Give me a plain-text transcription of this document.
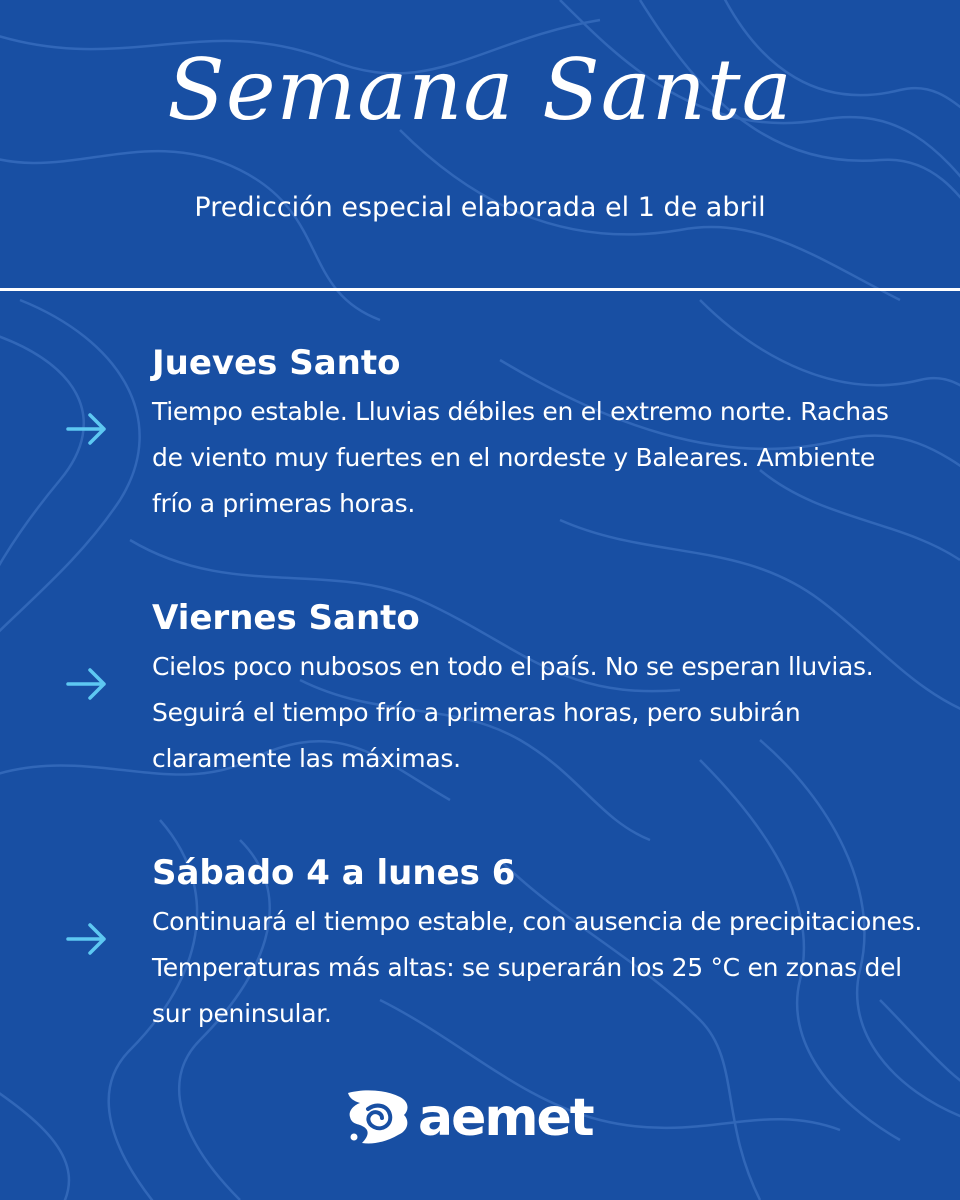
Semana Santa
Predicción especial elaborada el 1 de abril
Jueves Santo
Tiempo estable. Lluvias débiles en el extremo norte. Rachas de viento muy fuertes en el nordeste y Baleares. Ambiente frío a primeras horas.
Viernes Santo
Cielos poco nubosos en todo el país. No se esperan lluvias. Seguirá el tiempo frío a primeras horas, pero subirán claramente las máximas.
Sábado 4 a lunes 6
Continuará el tiempo estable, con ausencia de precipitaciones. Temperaturas más altas: se superarán los 25 °C en zonas del sur peninsular.
aemet
